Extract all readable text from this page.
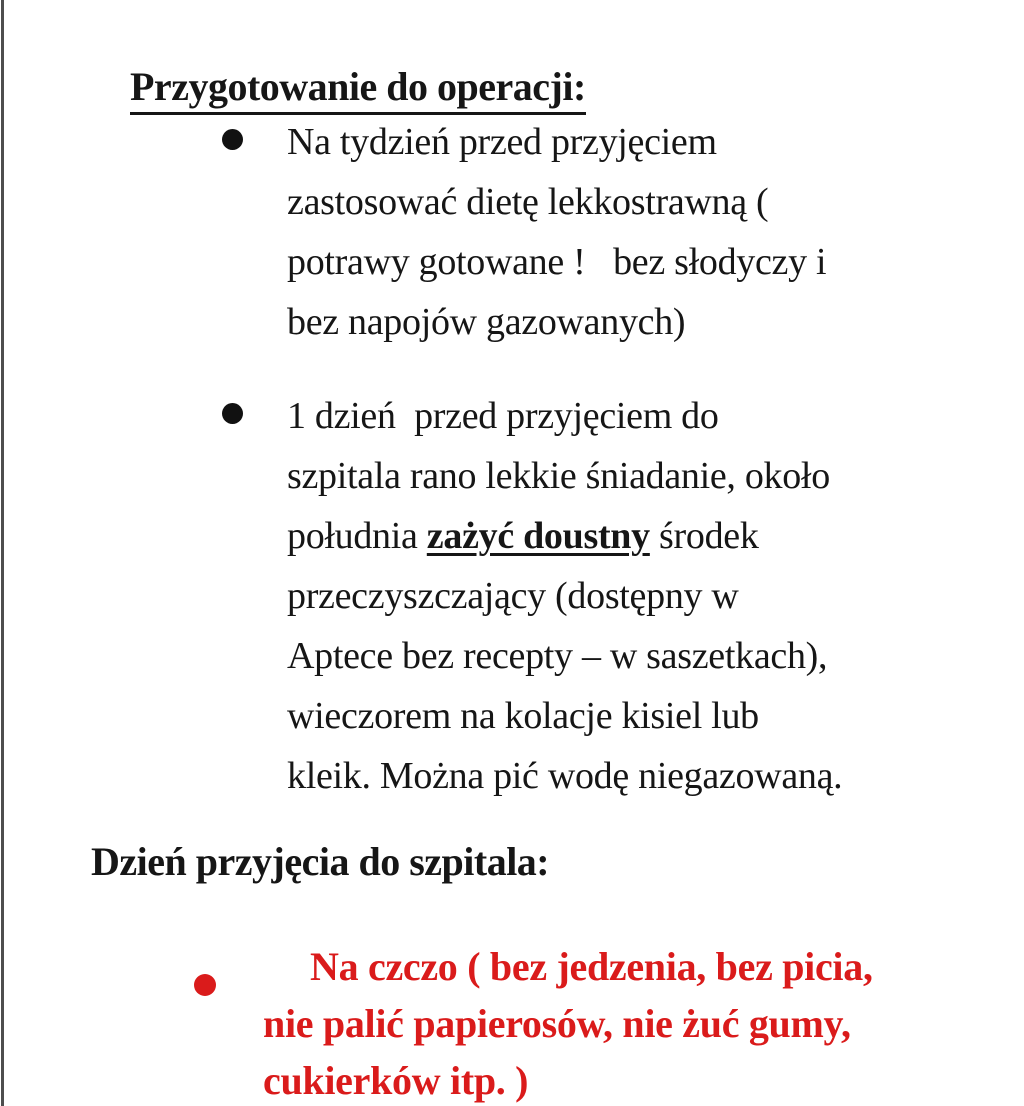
Przygotowanie do operacji:

Na tydzień przed przyjęciem
zastosować dietę lekkostrawną (
potrawy gotowane !   bez słodyczy i
bez napojów gazowanych)
1 dzień  przed przyjęciem do
szpitala rano lekkie śniadanie, około
południa zażyć doustny środek
przeczyszczający (dostępny w
Aptece bez recepty – w saszetkach),
wieczorem na kolacje kisiel lub
kleik. Można pić wodę niegazowaną.
Dzień przyjęcia do szpitala:
Na czczo ( bez jedzenia, bez picia,
nie palić papierosów, nie żuć gumy,
cukierków itp. )
